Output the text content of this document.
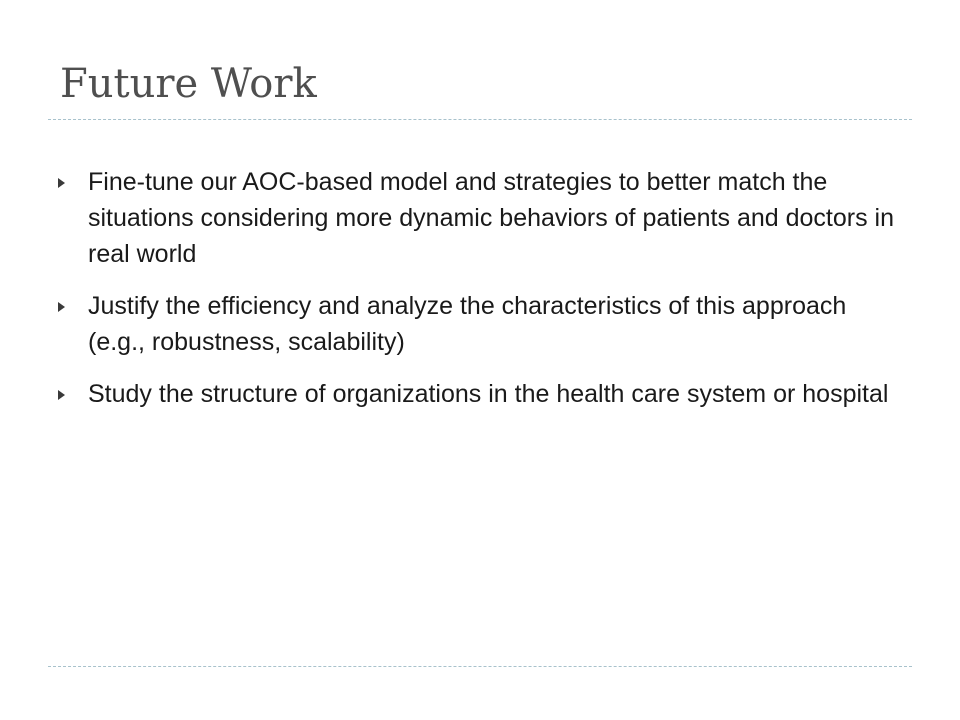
Future Work
Fine-tune our AOC-based model and strategies to better match the situations considering more dynamic behaviors of patients and doctors in real world
Justify the efficiency and analyze the characteristics of this approach (e.g., robustness, scalability)
Study the structure of organizations in the health care system or hospital
